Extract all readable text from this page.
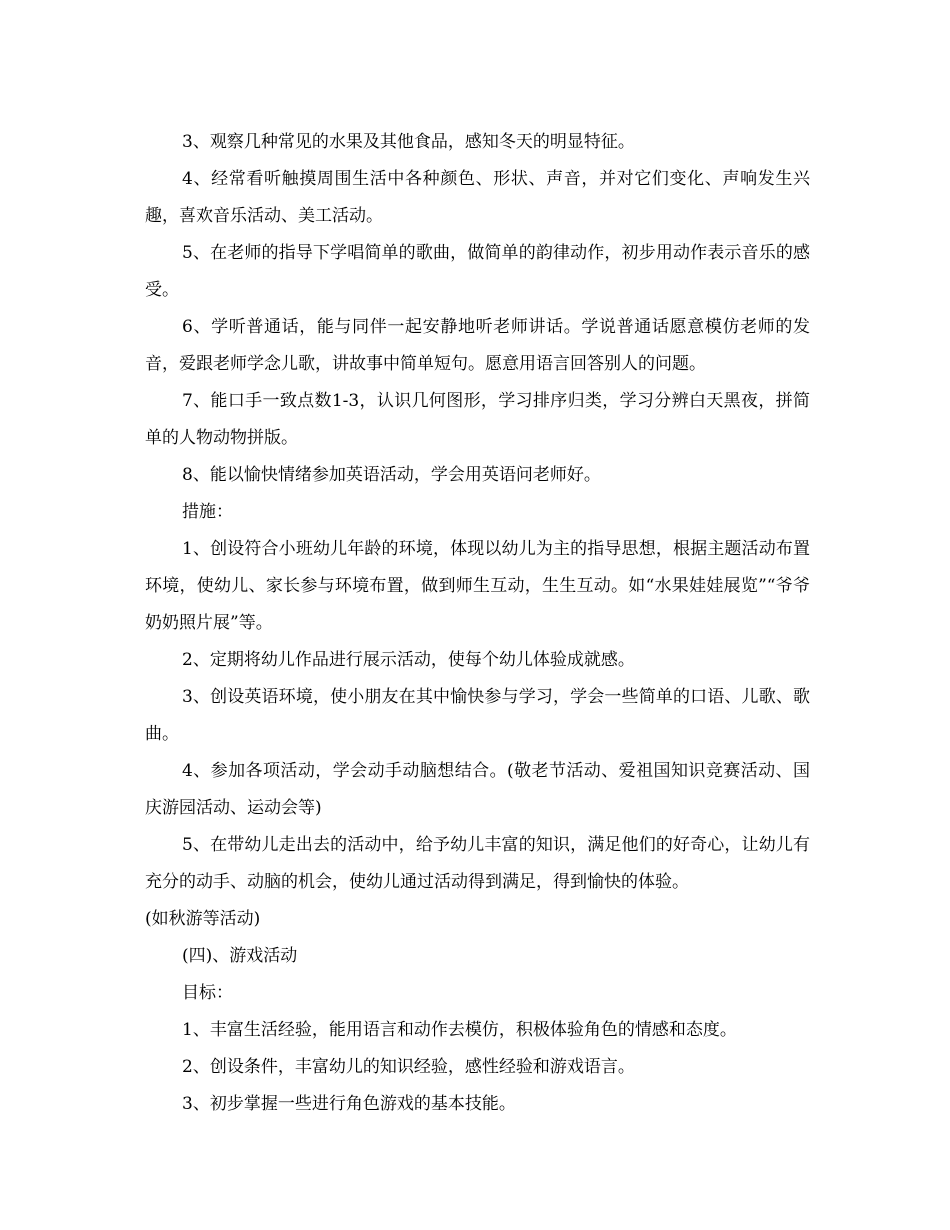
3、观察几种常见的水果及其他食品，感知冬天的明显特征。

4、经常看听触摸周围生活中各种颜色、形状、声音，并对它们变化、声响发生兴趣，喜欢音乐活动、美工活动。

5、在老师的指导下学唱简单的歌曲，做简单的韵律动作，初步用动作表示音乐的感受。

6、学听普通话，能与同伴一起安静地听老师讲话。学说普通话愿意模仿老师的发音，爱跟老师学念儿歌，讲故事中简单短句。愿意用语言回答别人的问题。

7、能口手一致点数1-3，认识几何图形，学习排序归类，学习分辨白天黑夜，拼简单的人物动物拼版。

8、能以愉快情绪参加英语活动，学会用英语问老师好。

措施：

1、创设符合小班幼儿年龄的环境，体现以幼儿为主的指导思想，根据主题活动布置环境，使幼儿、家长参与环境布置，做到师生互动，生生互动。如“水果娃娃展览”“爷爷奶奶照片展”等。

2、定期将幼儿作品进行展示活动，使每个幼儿体验成就感。

3、创设英语环境，使小朋友在其中愉快参与学习，学会一些简单的口语、儿歌、歌曲。

4、参加各项活动，学会动手动脑想结合。(敬老节活动、爱祖国知识竞赛活动、国庆游园活动、运动会等)

5、在带幼儿走出去的活动中，给予幼儿丰富的知识，满足他们的好奇心，让幼儿有充分的动手、动脑的机会，使幼儿通过活动得到满足，得到愉快的体验。

(如秋游等活动)

(四)、游戏活动

目标：

1、丰富生活经验，能用语言和动作去模仿，积极体验角色的情感和态度。

2、创设条件，丰富幼儿的知识经验，感性经验和游戏语言。

3、初步掌握一些进行角色游戏的基本技能。
